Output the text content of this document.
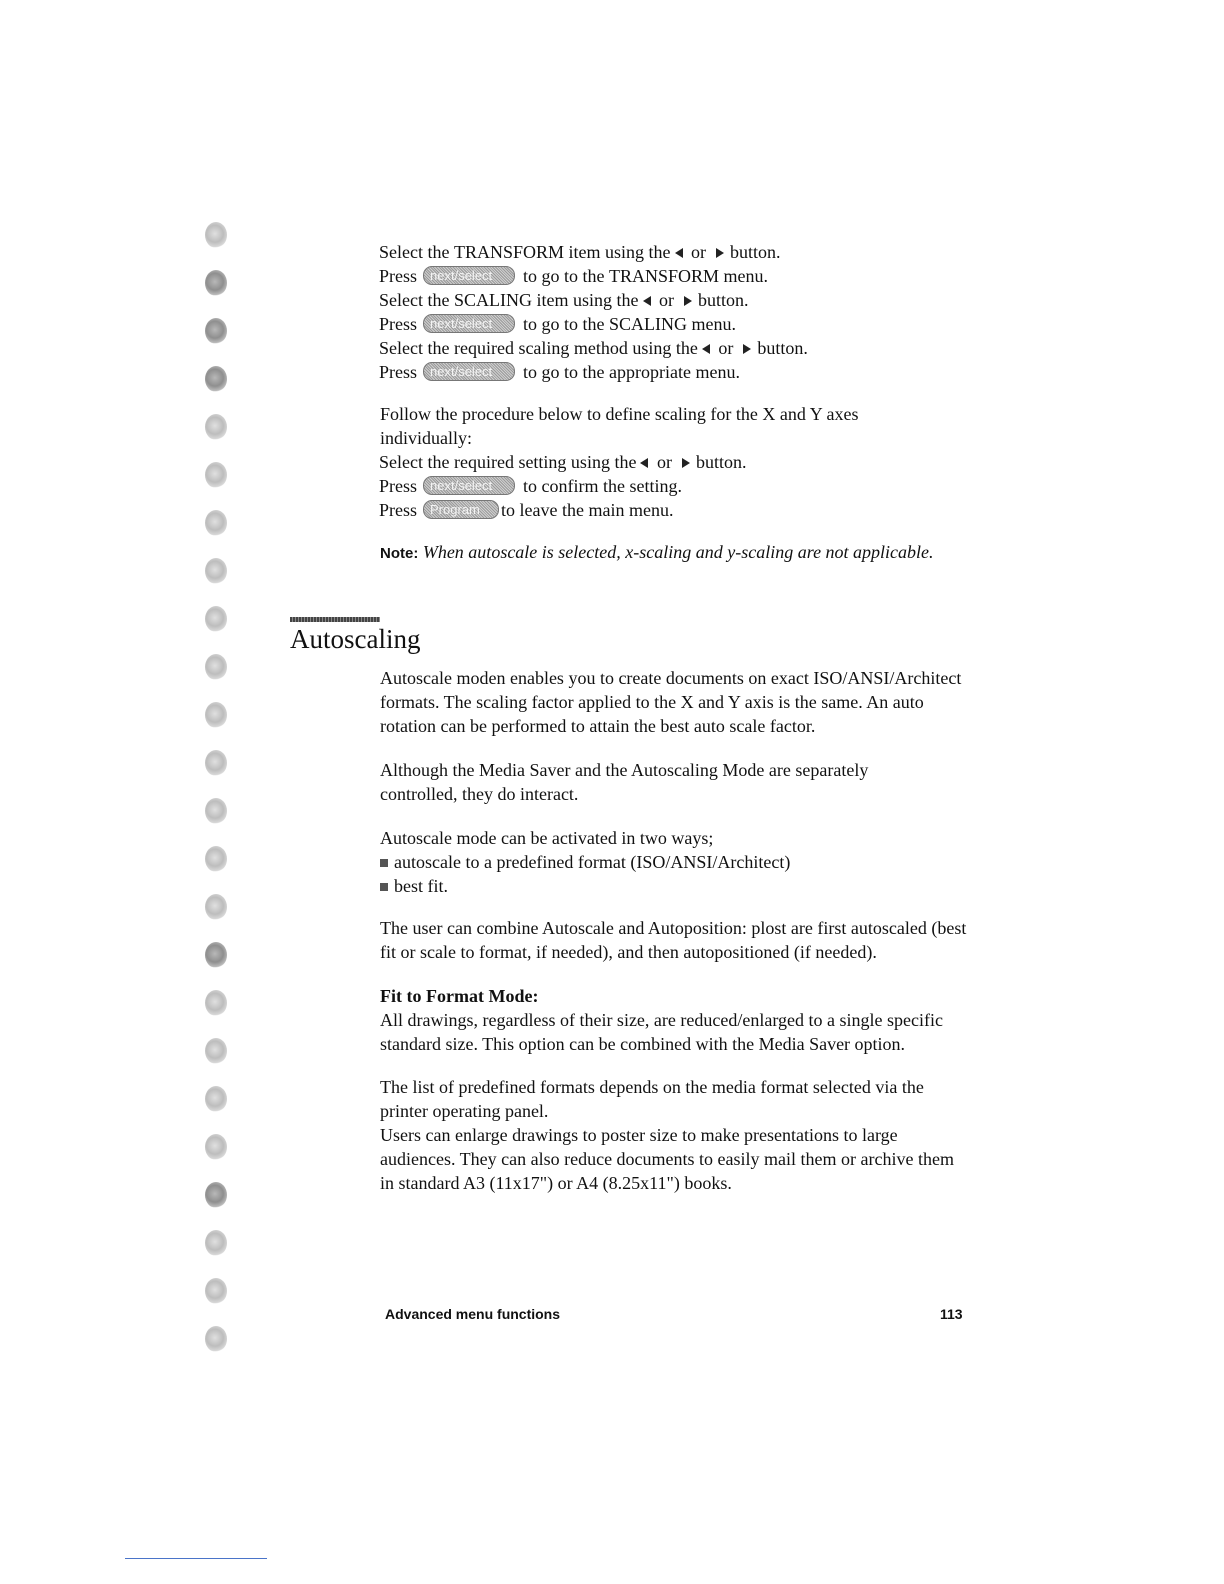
Select the TRANSFORM item using the or button.
Press next/select to go to the TRANSFORM menu.
Select the SCALING item using the or button.
Press next/select to go to the SCALING menu.
Select the required scaling method using the or button.
Press next/select to go to the appropriate menu.
Follow the procedure below to define scaling for the X and Y axes individually:
Select the required setting using the or button.
Press next/select to confirm the setting.
Press Program to leave the main menu.
Note: When autoscale is selected, x-scaling and y-scaling are not applicable.
Autoscaling
Autoscale moden enables you to create documents on exact ISO/ANSI/Architect formats. The scaling factor applied to the X and Y axis is the same. An auto rotation can be performed to attain the best auto scale factor.
Although the Media Saver and the Autoscaling Mode are separately controlled, they do interact.
Autoscale mode can be activated in two ways;
autoscale to a predefined format (ISO/ANSI/Architect)
best fit.
The user can combine Autoscale and Autoposition: plost are first autoscaled (best fit or scale to format, if needed), and then autopositioned (if needed).
Fit to Format Mode:
All drawings, regardless of their size, are reduced/enlarged to a single specific standard size. This option can be combined with the Media Saver option.
The list of predefined formats depends on the media format selected via the printer operating panel.
Users can enlarge drawings to poster size to make presentations to large audiences. They can also reduce documents to easily mail them or archive them in standard A3 (11x17") or A4 (8.25x11") books.
Advanced menu functions	113
